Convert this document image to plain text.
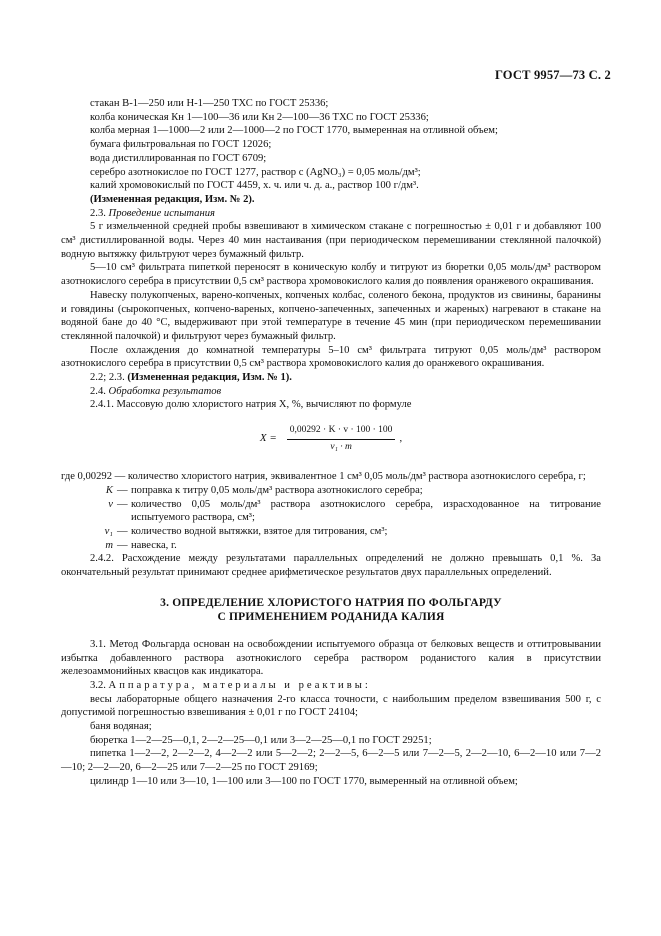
ГОСТ 9957—73 С. 2

стакан В-1—250 или Н-1—250 ТХС по ГОСТ 25336;

колба коническая Кн 1—100—36 или Кн 2—100—36 ТХС по ГОСТ 25336;

колба мерная 1—1000—2 или 2—1000—2 по ГОСТ 1770, вымеренная на отливной объем;

бумага фильтровальная по ГОСТ 12026;

вода дистиллированная по ГОСТ 6709;

серебро азотнокислое по ГОСТ 1277, раствор c (AgNO₃) = 0,05 моль/дм³;

калий хромовокислый по ГОСТ 4459, х. ч. или ч. д. а., раствор 100 г/дм³.

(Измененная редакция, Изм. № 2).

2.3. Проведение испытания

5 г измельченной средней пробы взвешивают в химическом стакане с погрешностью ± 0,01 г и добавляют 100 см³ дистиллированной воды. Через 40 мин настаивания (при периодическом перемешивании стеклянной палочкой) водную вытяжку фильтруют через бумажный фильтр.

5—10 см³ фильтрата пипеткой переносят в коническую колбу и титруют из бюретки 0,05 моль/дм³ раствором азотнокислого серебра в присутствии 0,5 см³ раствора хромовокислого калия до появления оранжевого окрашивания.

Навеску полукопченых, варено-копченых, копченых колбас, соленого бекона, продуктов из свинины, баранины и говядины (сырокопченых, копчено-вареных, копчено-запеченных, запеченных и жареных) нагревают в стакане на водяной бане до 40 °С, выдерживают при этой температуре в течение 45 мин (при периодическом перемешивании стеклянной палочкой) и фильтруют через бумажный фильтр.

После охлаждения до комнатной температуры 5–10 см³ фильтрата титруют 0,05 моль/дм³ раствором азотнокислого серебра в присутствии 0,5 см³ раствора хромовокислого калия до оранжевого окрашивания.

2.2; 2.3. (Измененная редакция, Изм. № 1).

2.4. Обработка результатов

2.4.1. Массовую долю хлористого натрия X, %, вычисляют по формуле

$X = \frac{0,00292 \cdot K \cdot v \cdot 100 \cdot 100}{\text{v₁ · m}}$ ,
где 0,00292 — количество хлористого натрия, эквивалентное 1 см³ 0,05 моль/дм³ раствора азотнокислого серебра, г;		
K	—	поправка к титру 0,05 моль/дм³ раствора азотнокислого серебра;
v	—	количество 0,05 моль/дм³ раствора азотнокислого серебра, израсходованное на титрование испытуемого раствора, см³;
v₁	—	количество водной вытяжки, взятое для титрования, см³;
m	—	навеска, г.

2.4.2. Расхождение между результатами параллельных определений не должно превышать 0,1 %. За окончательный результат принимают среднее арифметическое результатов двух параллельных определений.

3. ОПРЕДЕЛЕНИЕ ХЛОРИСТОГО НАТРИЯ ПО ФОЛЬГАРДУ
С ПРИМЕНЕНИЕМ РОДАНИДА КАЛИЯ

3.1. Метод Фольгарда основан на освобождении испытуемого образца от белковых веществ и оттитровывании избытка добавленного раствора азотнокислого серебра раствором роданистого калия в присутствии железоаммонийных квасцов как индикатора.

3.2. Аппаратура, материалы и реактивы:

весы лабораторные общего назначения 2-го класса точности, с наибольшим пределом взвешивания 500 г, с допустимой погрешностью взвешивания ± 0,01 г по ГОСТ 24104;

баня водяная;

бюретка 1—2—25—0,1, 2—2—25—0,1 или 3—2—25—0,1 по ГОСТ 29251;

пипетка 1—2—2, 2—2—2, 4—2—2 или 5—2—2; 2—2—5, 6—2—5 или 7—2—5, 2—2—10, 6—2—10 или 7—2—10; 2—2—20, 6—2—25 или 7—2—25 по ГОСТ 29169;

цилиндр 1—10 или 3—10, 1—100 или 3—100 по ГОСТ 1770, вымеренный на отливной объем;
